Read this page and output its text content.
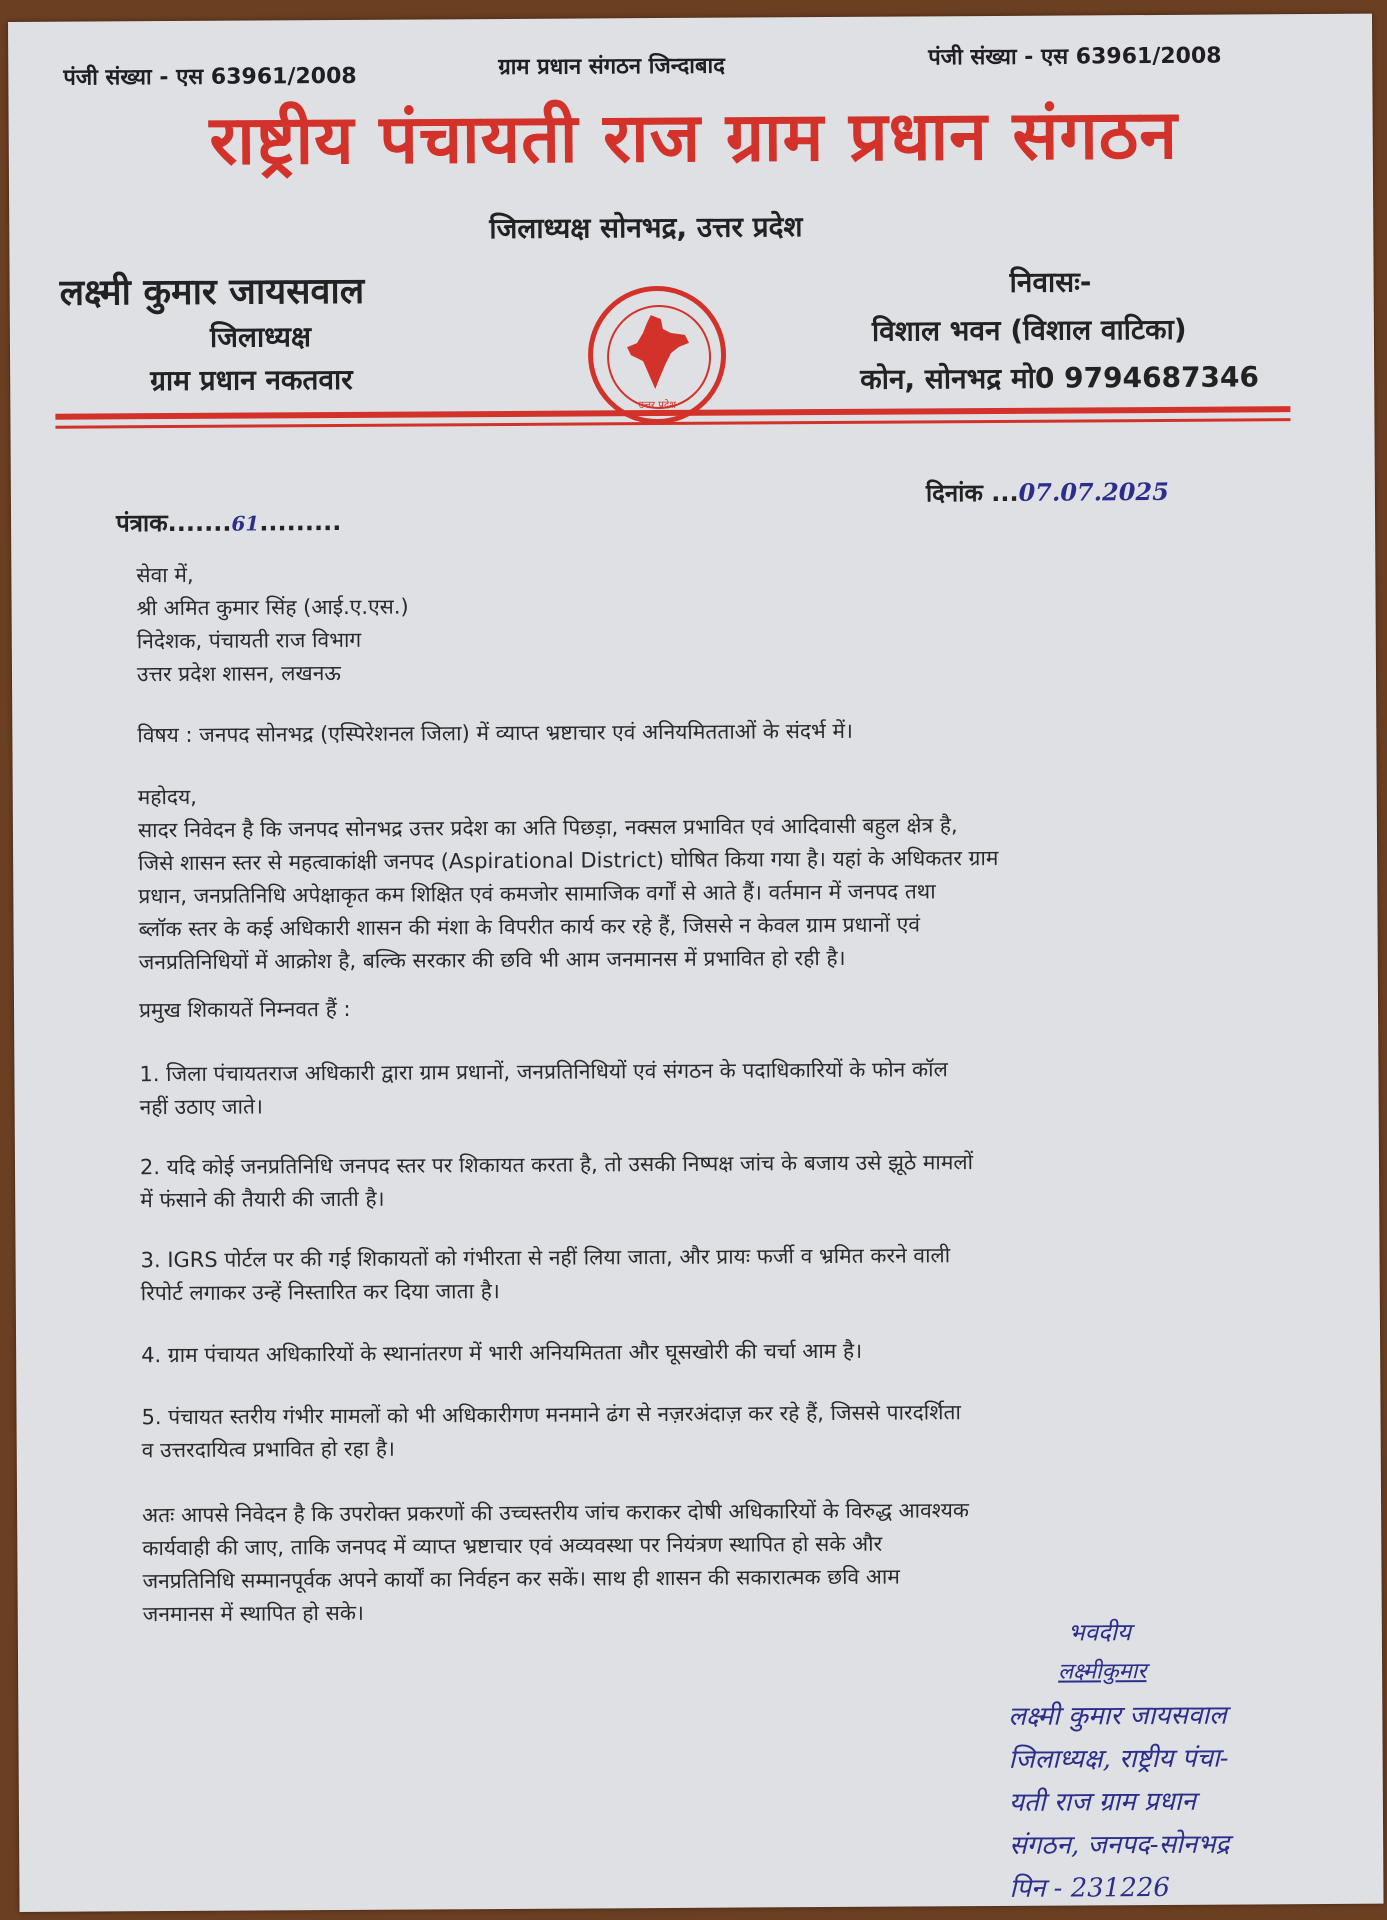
पंजी संख्या - एस 63961/2008	ग्राम प्रधान संगठन जिन्दाबाद	पंजी संख्या - एस 63961/2008
राष्ट्रीय पंचायती राज ग्राम प्रधान संगठन
जिलाध्यक्ष सोनभद्र, उत्तर प्रदेश
लक्ष्मी कुमार जायसवाल
जिलाध्यक्ष
ग्राम प्रधान नकतवार
उत्तर प्रदेश
निवासः-
विशाल भवन (विशाल वाटिका)
कोन, सोनभद्र मो0 9794687346
पंत्राक.......61.........
दिनांक ...07.07.2025
सेवा में,
श्री अमित कुमार सिंह (आई.ए.एस.)
निदेशक, पंचायती राज विभाग
उत्तर प्रदेश शासन, लखनऊ
विषय : जनपद सोनभद्र (एस्पिरेशनल जिला) में व्याप्त भ्रष्टाचार एवं अनियमितताओं के संदर्भ में।
महोदय,
सादर निवेदन है कि जनपद सोनभद्र उत्तर प्रदेश का अति पिछड़ा, नक्सल प्रभावित एवं आदिवासी बहुल क्षेत्र है,
जिसे शासन स्तर से महत्वाकांक्षी जनपद (Aspirational District) घोषित किया गया है। यहां के अधिकतर ग्राम
प्रधान, जनप्रतिनिधि अपेक्षाकृत कम शिक्षित एवं कमजोर सामाजिक वर्गों से आते हैं। वर्तमान में जनपद तथा
ब्लॉक स्तर के कई अधिकारी शासन की मंशा के विपरीत कार्य कर रहे हैं, जिससे न केवल ग्राम प्रधानों एवं
जनप्रतिनिधियों में आक्रोश है, बल्कि सरकार की छवि भी आम जनमानस में प्रभावित हो रही है।
प्रमुख शिकायतें निम्नवत हैं :
1. जिला पंचायतराज अधिकारी द्वारा ग्राम प्रधानों, जनप्रतिनिधियों एवं संगठन के पदाधिकारियों के फोन कॉल
नहीं उठाए जाते।
2. यदि कोई जनप्रतिनिधि जनपद स्तर पर शिकायत करता है, तो उसकी निष्पक्ष जांच के बजाय उसे झूठे मामलों
में फंसाने की तैयारी की जाती है।
3. IGRS पोर्टल पर की गई शिकायतों को गंभीरता से नहीं लिया जाता, और प्रायः फर्जी व भ्रमित करने वाली
रिपोर्ट लगाकर उन्हें निस्तारित कर दिया जाता है।
4. ग्राम पंचायत अधिकारियों के स्थानांतरण में भारी अनियमितता और घूसखोरी की चर्चा आम है।
5. पंचायत स्तरीय गंभीर मामलों को भी अधिकारीगण मनमाने ढंग से नज़रअंदाज़ कर रहे हैं, जिससे पारदर्शिता
व उत्तरदायित्व प्रभावित हो रहा है।
अतः आपसे निवेदन है कि उपरोक्त प्रकरणों की उच्चस्तरीय जांच कराकर दोषी अधिकारियों के विरुद्ध आवश्यक
कार्यवाही की जाए, ताकि जनपद में व्याप्त भ्रष्टाचार एवं अव्यवस्था पर नियंत्रण स्थापित हो सके और
जनप्रतिनिधि सम्मानपूर्वक अपने कार्यों का निर्वहन कर सकें। साथ ही शासन की सकारात्मक छवि आम
जनमानस में स्थापित हो सके।
भवदीय
लक्ष्मीकुमार
लक्ष्मी कुमार जायसवाल
जिलाध्यक्ष, राष्ट्रीय पंचा-
यती राज ग्राम प्रधान
संगठन, जनपद-सोनभद्र
पिन - 231226
